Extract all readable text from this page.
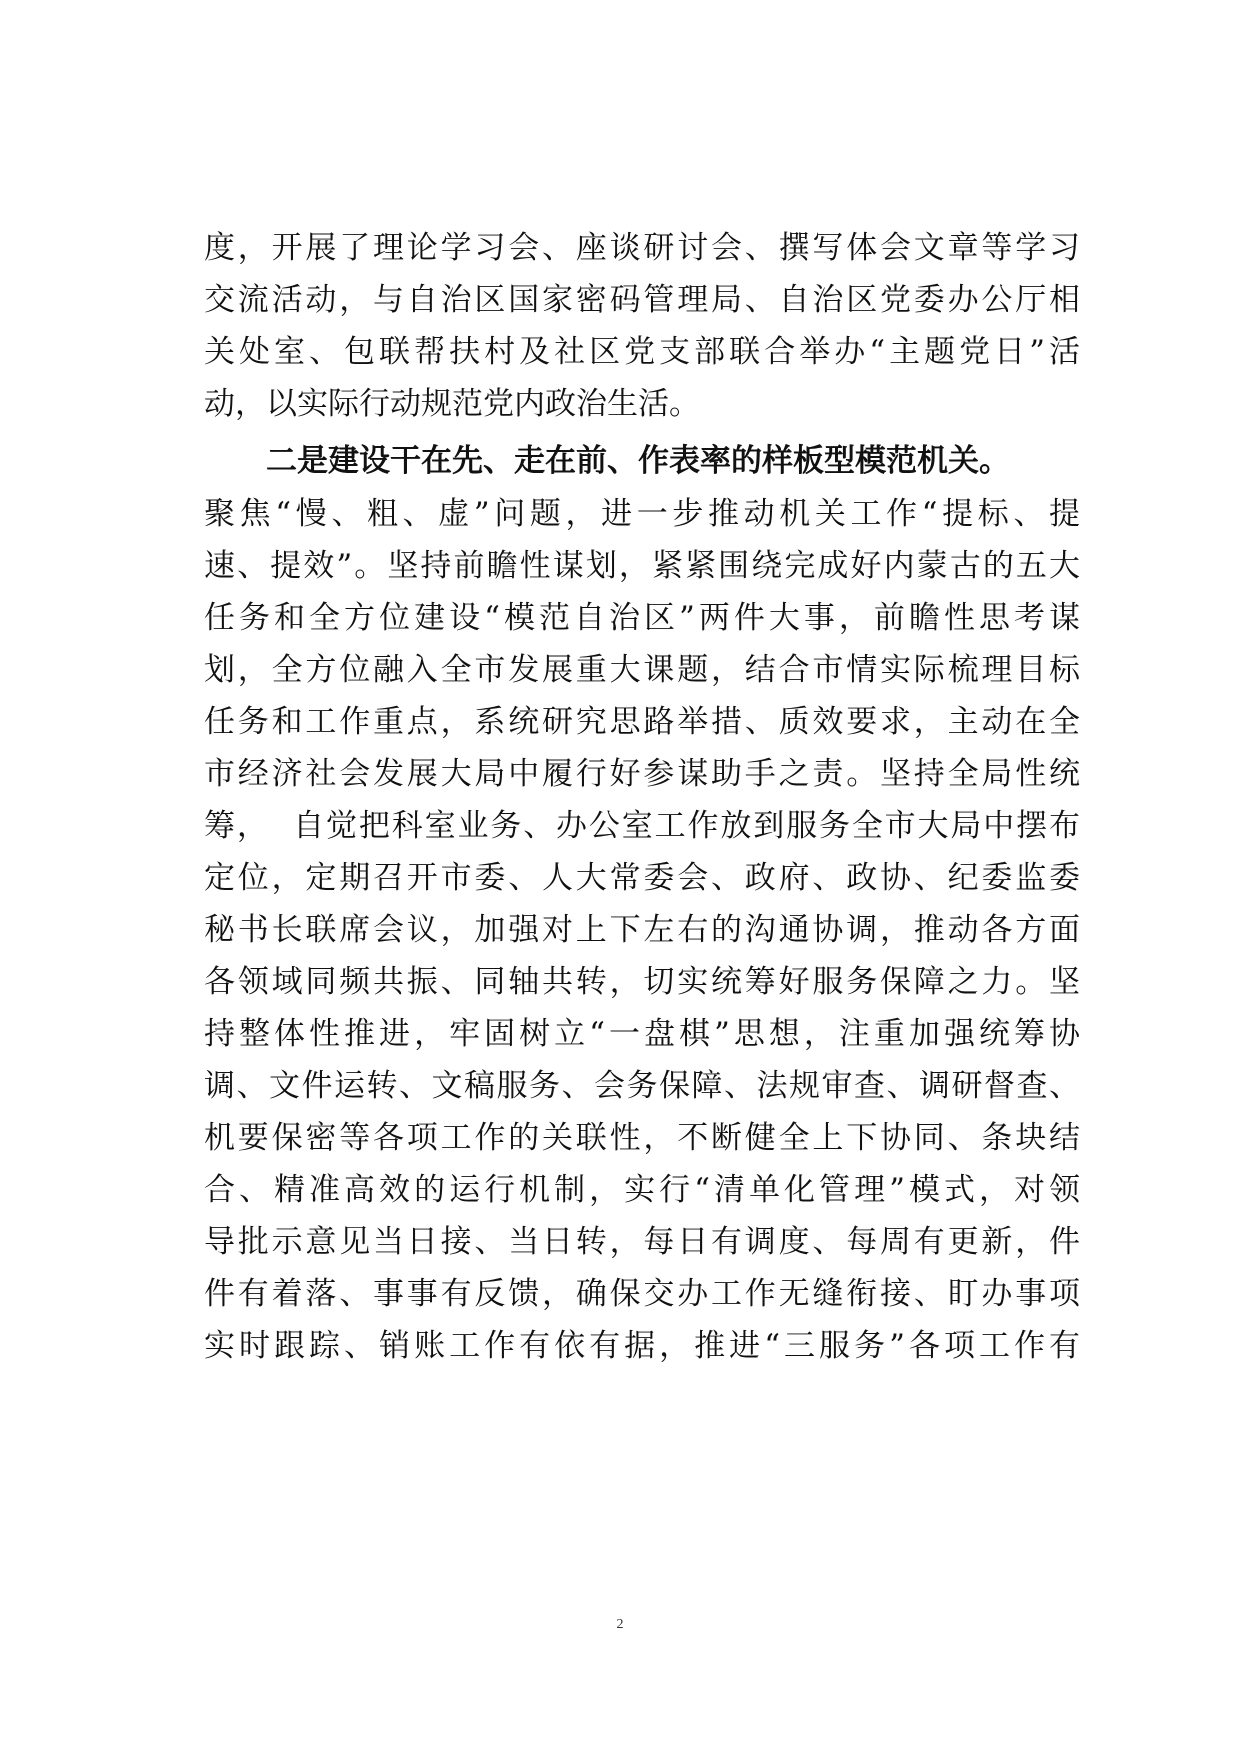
度，开展了理论学习会、座谈研讨会、撰写体会文章等学习
交流活动，与自治区国家密码管理局、自治区党委办公厅相
关处室、包联帮扶村及社区党支部联合举办“主题党日”活
动，以实际行动规范党内政治生活。
二是建设干在先、走在前、作表率的样板型模范机关。
聚焦“慢、粗、虚”问题，进一步推动机关工作“提标、提
速、提效”。坚持前瞻性谋划，紧紧围绕完成好内蒙古的五大
任务和全方位建设“模范自治区”两件大事，前瞻性思考谋
划，全方位融入全市发展重大课题，结合市情实际梳理目标
任务和工作重点，系统研究思路举措、质效要求，主动在全
市经济社会发展大局中履行好参谋助手之责。坚持全局性统
筹，  自觉把科室业务、办公室工作放到服务全市大局中摆布
定位，定期召开市委、人大常委会、政府、政协、纪委监委
秘书长联席会议，加强对上下左右的沟通协调，推动各方面
各领域同频共振、同轴共转，切实统筹好服务保障之力。坚
持整体性推进，牢固树立“一盘棋”思想，注重加强统筹协
调、文件运转、文稿服务、会务保障、法规审查、调研督查、
机要保密等各项工作的关联性，不断健全上下协同、条块结
合、精准高效的运行机制，实行“清单化管理”模式，对领
导批示意见当日接、当日转，每日有调度、每周有更新，件
件有着落、事事有反馈，确保交办工作无缝衔接、盯办事项
实时跟踪、销账工作有依有据，推进“三服务”各项工作有
2
